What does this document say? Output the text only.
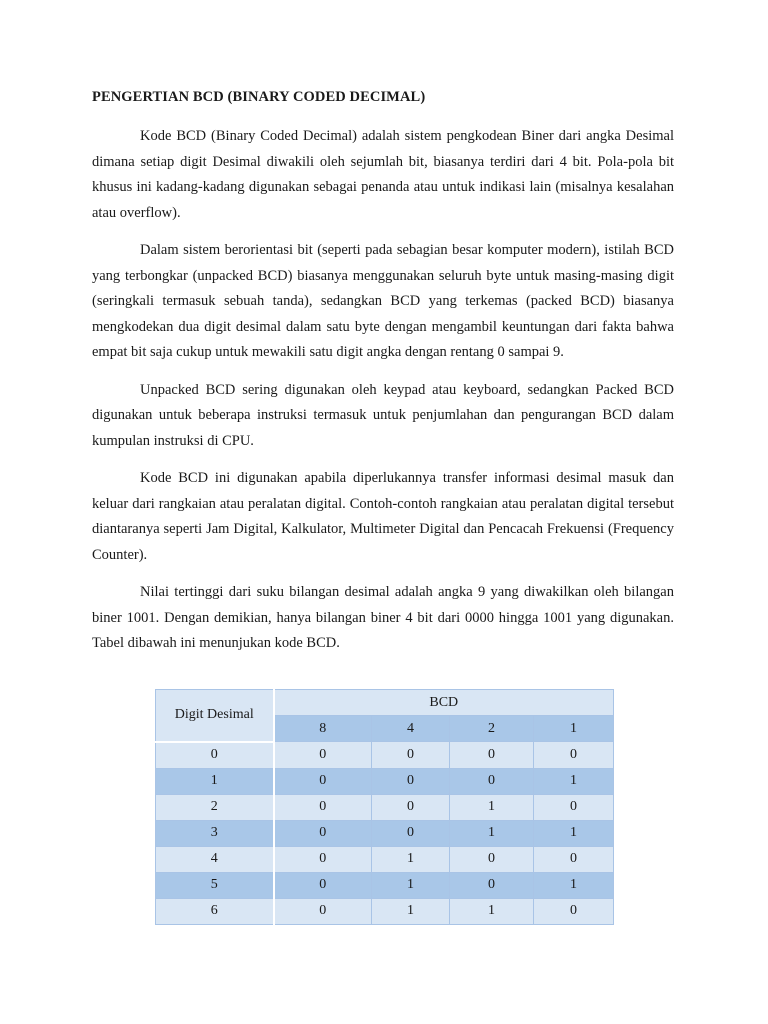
PENGERTIAN BCD (BINARY CODED DECIMAL)

Kode BCD (Binary Coded Decimal) adalah sistem pengkodean Biner dari angka Desimal dimana setiap digit Desimal diwakili oleh sejumlah bit, biasanya terdiri dari 4 bit. Pola-pola bit khusus ini kadang-kadang digunakan sebagai penanda atau untuk indikasi lain (misalnya kesalahan atau overflow).

Dalam sistem berorientasi bit (seperti pada sebagian besar komputer modern), istilah BCD yang terbongkar (unpacked BCD) biasanya menggunakan seluruh byte untuk masing-masing digit (seringkali termasuk sebuah tanda), sedangkan BCD yang terkemas (packed BCD) biasanya mengkodekan dua digit desimal dalam satu byte dengan mengambil keuntungan dari fakta bahwa empat bit saja cukup untuk mewakili satu digit angka dengan rentang 0 sampai 9.

Unpacked BCD sering digunakan oleh keypad atau keyboard, sedangkan Packed BCD digunakan untuk beberapa instruksi termasuk untuk penjumlahan dan pengurangan BCD dalam kumpulan instruksi di CPU.

Kode BCD ini digunakan apabila diperlukannya transfer informasi desimal masuk dan keluar dari rangkaian atau peralatan digital. Contoh-contoh rangkaian atau peralatan digital tersebut diantaranya seperti Jam Digital, Kalkulator, Multimeter Digital dan Pencacah Frekuensi (Frequency Counter).

Nilai tertinggi dari suku bilangan desimal adalah angka 9 yang diwakilkan oleh bilangan biner 1001. Dengan demikian, hanya bilangan biner 4 bit dari 0000 hingga 1001 yang digunakan. Tabel dibawah ini menunjukan kode BCD.

Digit Desimal	BCD			
	8	4	2	1
0	0	0	0	0
1	0	0	0	1
2	0	0	1	0
3	0	0	1	1
4	0	1	0	0
5	0	1	0	1
6	0	1	1	0
